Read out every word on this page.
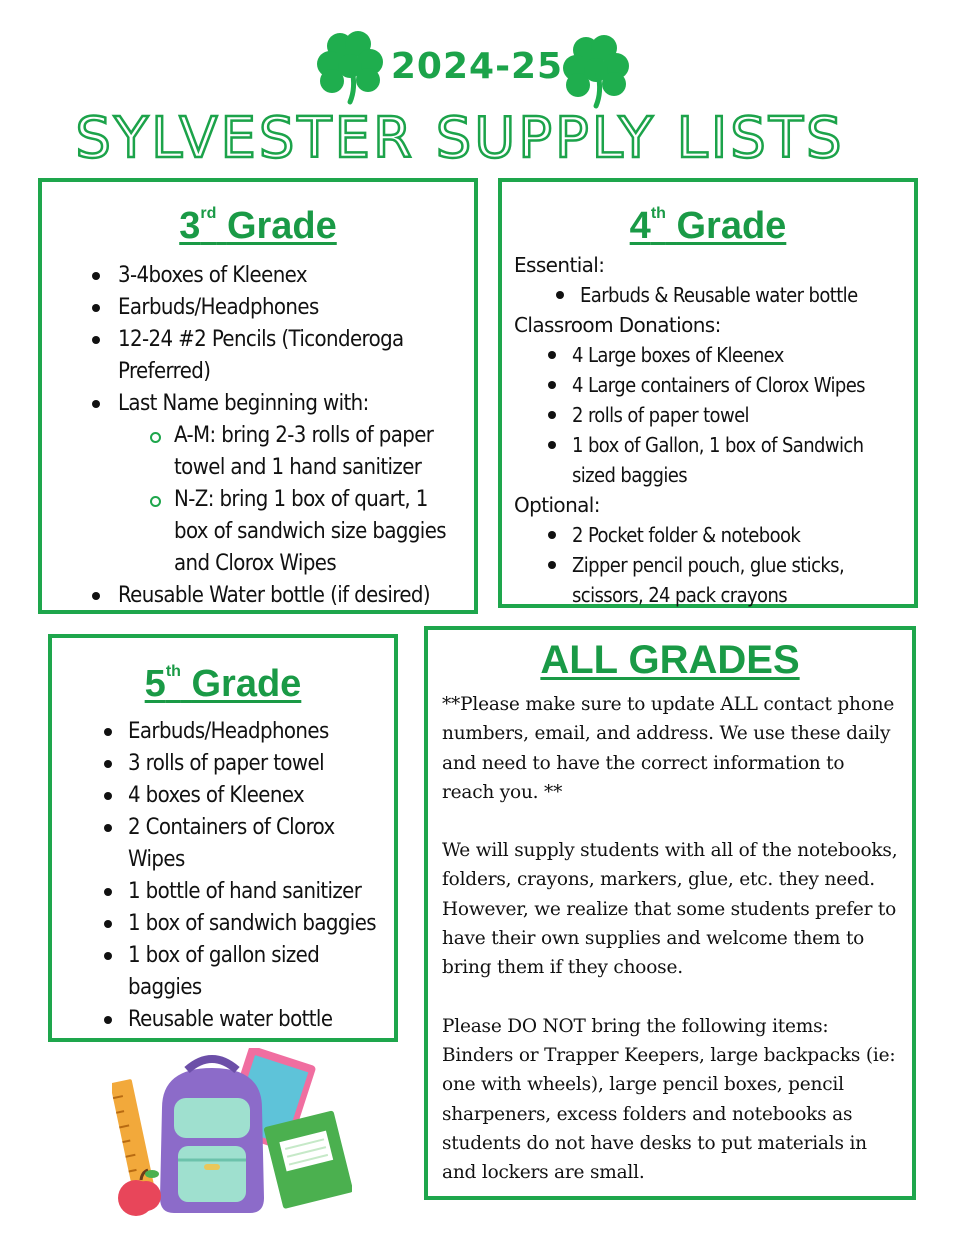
2024-25
SYLVESTER SUPPLY LISTS
3rd Grade
3-4boxes of Kleenex
Earbuds/Headphones
12-24 #2 Pencils (Ticonderoga Preferred)
Last Name beginning with:
A-M: bring 2-3 rolls of paper towel and 1 hand sanitizer
N-Z: bring 1 box of quart, 1 box of sandwich size baggies and Clorox Wipes
Reusable Water bottle (if desired)
4th Grade
Essential:
Earbuds & Reusable water bottle
Classroom Donations:
4 Large boxes of Kleenex
4 Large containers of Clorox Wipes
2 rolls of paper towel
1 box of Gallon, 1 box of Sandwich sized baggies
Optional:
2 Pocket folder & notebook
Zipper pencil pouch, glue sticks, scissors, 24 pack crayons
5th Grade
Earbuds/Headphones
3 rolls of paper towel
4 boxes of Kleenex
2 Containers of Clorox Wipes
1 bottle of hand sanitizer
1 box of sandwich baggies
1 box of gallon sized baggies
Reusable water bottle
ALL GRADES

**Please make sure to update ALL contact phone numbers, email, and address. We use these daily and need to have the correct information to reach you. **

We will supply students with all of the notebooks, folders, crayons, markers, glue, etc. they need. However, we realize that some students prefer to have their own supplies and welcome them to bring them if they choose.

Please DO NOT bring the following items: Binders or Trapper Keepers, large backpacks (ie: one with wheels), large pencil boxes, pencil sharpeners, excess folders and notebooks as students do not have desks to put materials in and lockers are small.
